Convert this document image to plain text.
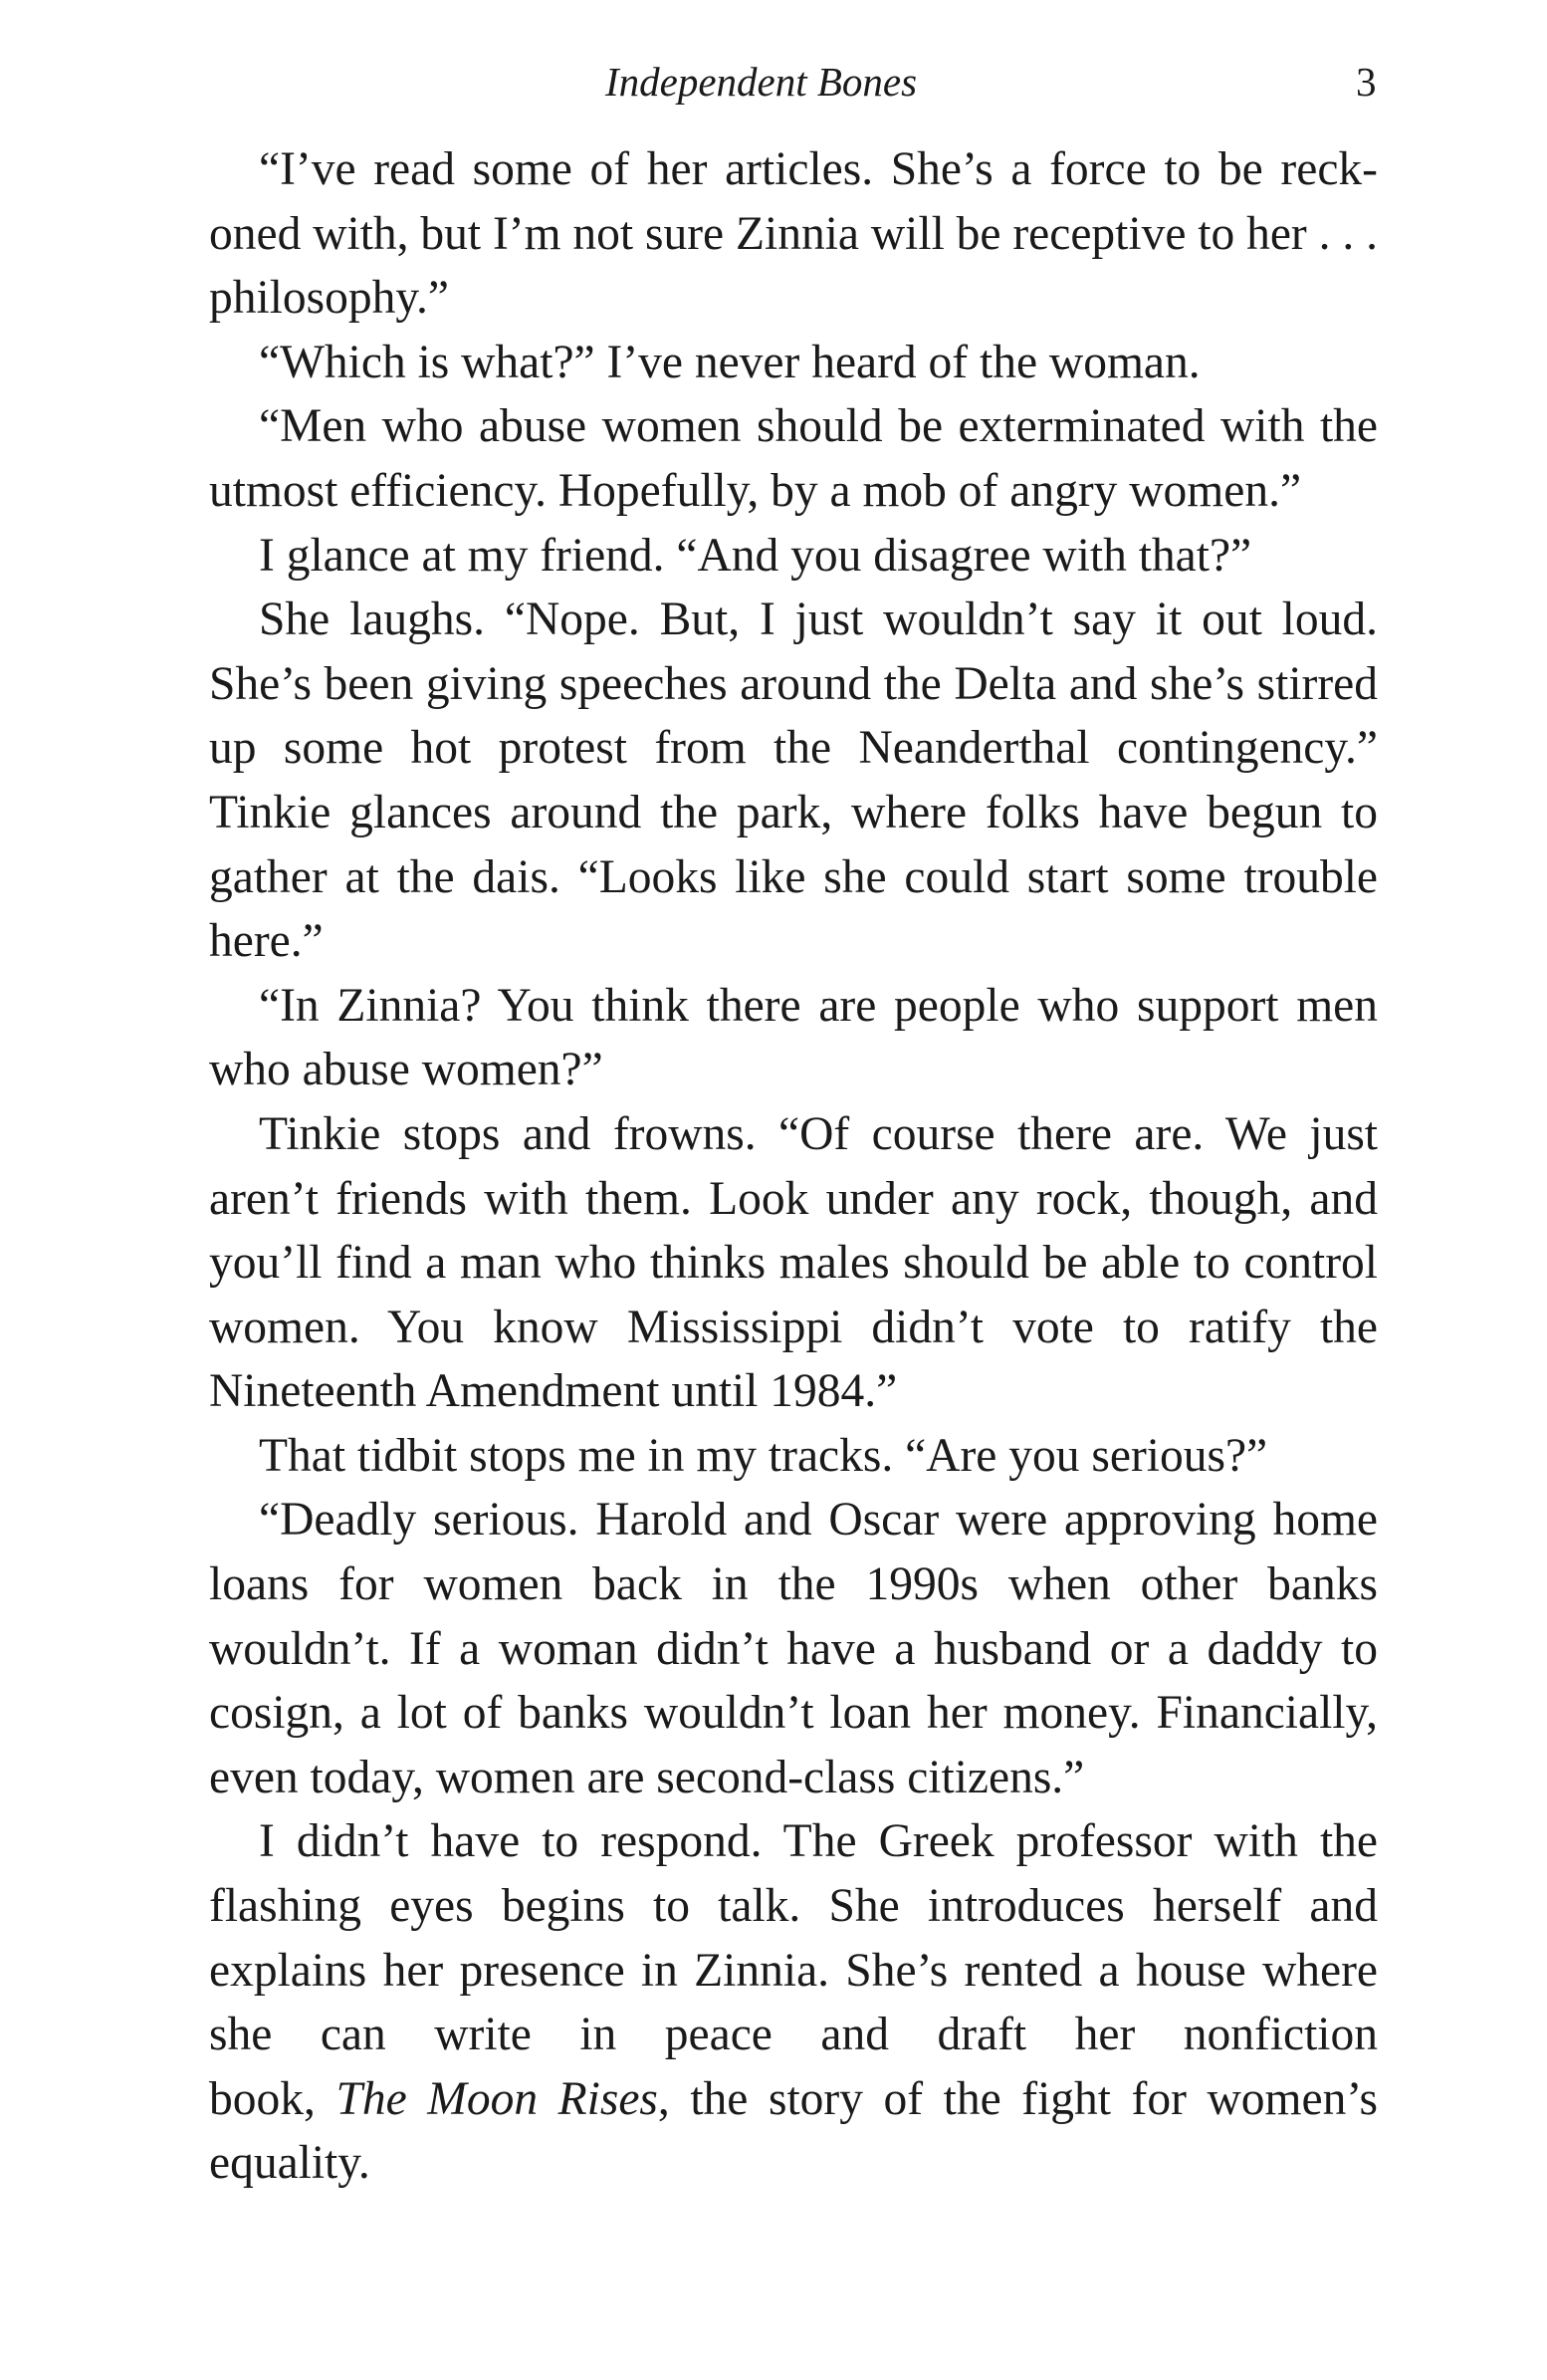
Independent Bones	3

“I’ve read some of her articles. She’s a force to be reckoned with, but I’m not sure Zinnia will be receptive to her . . . philosophy.”

“Which is what?” I’ve never heard of the woman.

“Men who abuse women should be exterminated with the utmost efficiency. Hopefully, by a mob of angry women.”

I glance at my friend. “And you disagree with that?”

She laughs. “Nope. But, I just wouldn’t say it out loud. She’s been giving speeches around the Delta and she’s stirred up some hot protest from the Neanderthal contingency.” Tinkie glances around the park, where folks have begun to gather at the dais. “Looks like she could start some trouble here.”

“In Zinnia? You think there are people who support men who abuse women?”

Tinkie stops and frowns. “Of course there are. We just aren’t friends with them. Look under any rock, though, and you’ll find a man who thinks males should be able to control women. You know Mississippi didn’t vote to ratify the Nineteenth Amendment until 1984.”

That tidbit stops me in my tracks. “Are you serious?”

“Deadly serious. Harold and Oscar were approving home loans for women back in the 1990s when other banks wouldn’t. If a woman didn’t have a husband or a daddy to cosign, a lot of banks wouldn’t loan her money. Financially, even today, women are second-class citizens.”

I didn’t have to respond. The Greek professor with the flashing eyes begins to talk. She introduces herself and explains her presence in Zinnia. She’s rented a house where she can write in peace and draft her nonfiction

book, The Moon Rises, the story of the fight for women’s equality.
